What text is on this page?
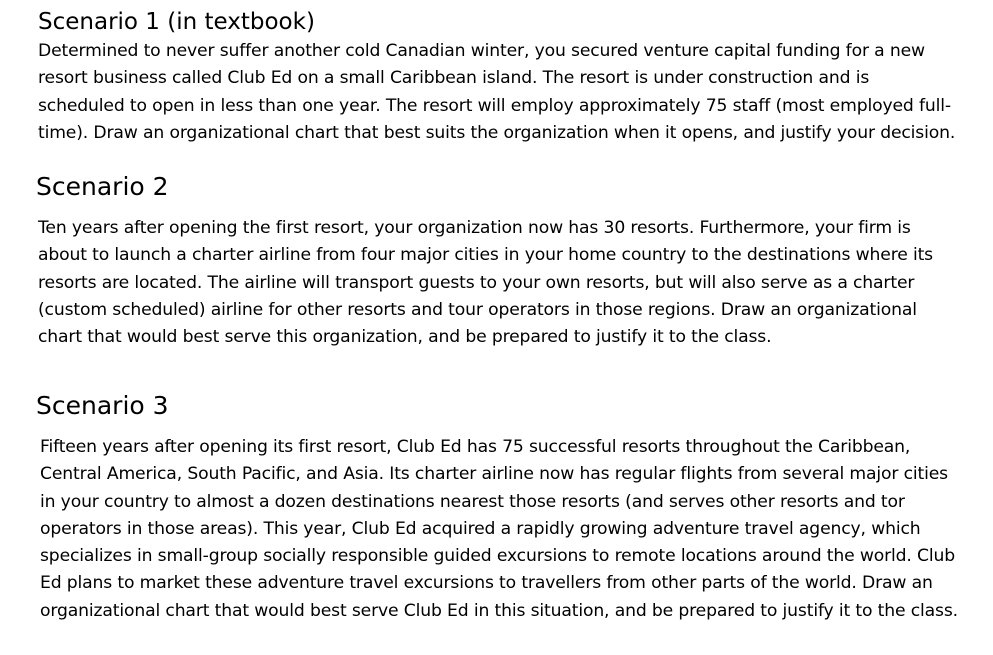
Scenario 1 (in textbook)

Determined to never suffer another cold Canadian winter, you secured venture capital funding for a new
resort business called Club Ed on a small Caribbean island. The resort is under construction and is
scheduled to open in less than one year. The resort will employ approximately 75 staff (most employed full-
time). Draw an organizational chart that best suits the organization when it opens, and justify your decision.

Scenario 2

Ten years after opening the first resort, your organization now has 30 resorts. Furthermore, your firm is
about to launch a charter airline from four major cities in your home country to the destinations where its
resorts are located. The airline will transport guests to your own resorts, but will also serve as a charter
(custom scheduled) airline for other resorts and tour operators in those regions. Draw an organizational
chart that would best serve this organization, and be prepared to justify it to the class.

Scenario 3

Fifteen years after opening its first resort, Club Ed has 75 successful resorts throughout the Caribbean,
Central America, South Pacific, and Asia. Its charter airline now has regular flights from several major cities
in your country to almost a dozen destinations nearest those resorts (and serves other resorts and tor
operators in those areas). This year, Club Ed acquired a rapidly growing adventure travel agency, which
specializes in small-group socially responsible guided excursions to remote locations around the world. Club
Ed plans to market these adventure travel excursions to travellers from other parts of the world. Draw an
organizational chart that would best serve Club Ed in this situation, and be prepared to justify it to the class.
